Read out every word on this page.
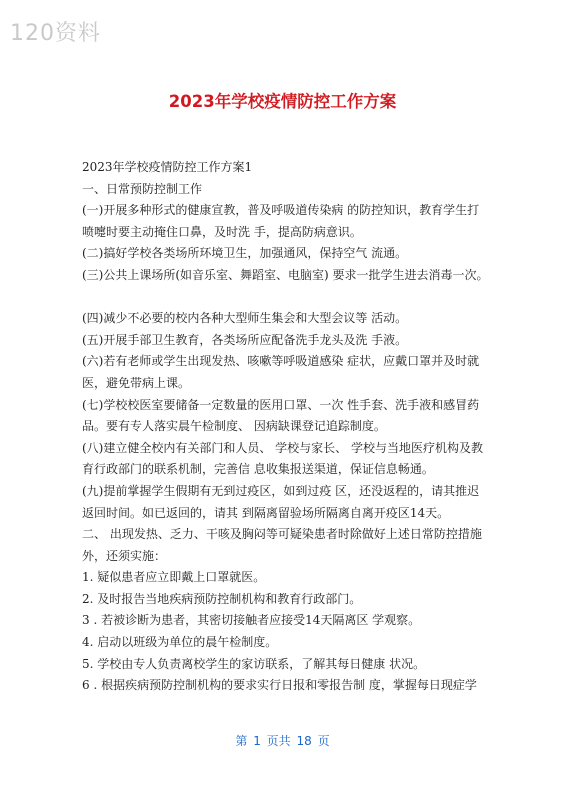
120资料
2023年学校疫情防控工作方案
2023年学校疫情防控工作方案1
一、日常预防控制工作
(一)开展多种形式的健康宣教，普及呼吸道传染病 的防控知识，教育学生打
喷嚏时要主动掩住口鼻，及时洗 手，提高防病意识。
(二)搞好学校各类场所环境卫生，加强通风，保持空气 流通。
(三)公共上课场所(如音乐室、舞蹈室、电脑室) 要求一批学生进去消毒一次。
(四)减少不必要的校内各种大型师生集会和大型会议等 活动。
(五)开展手部卫生教育，各类场所应配备洗手龙头及洗 手液。
(六)若有老师或学生出现发热、咳嗽等呼吸道感染 症状，应戴口罩并及时就
医，避免带病上课。
(七)学校校医室要储备一定数量的医用口罩、一次 性手套、洗手液和感冒药
品。要有专人落实晨午检制度、 因病缺课登记追踪制度。
(八)建立健全校内有关部门和人员、 学校与家长、 学校与当地医疗机构及教
育行政部门的联系机制，完善信 息收集报送渠道，保证信息畅通。
(九)提前掌握学生假期有无到过疫区，如到过疫 区，还没返程的，请其推迟
返回时间。如已返回的，请其 到隔离留验场所隔离自离开疫区14天。
二、 出现发热、乏力、干咳及胸闷等可疑染患者时除做好上述日常防控措施
外，还须实施：
1. 疑似患者应立即戴上口罩就医。
2. 及时报告当地疾病预防控制机构和教育行政部门。
3 . 若被诊断为患者，其密切接触者应接受14天隔离区 学观察。
4. 启动以班级为单位的晨午检制度。
5. 学校由专人负责离校学生的家访联系，了解其每日健康 状况。
6 . 根据疾病预防控制机构的要求实行日报和零报告制 度，掌握每日现症学
第 1 页共 18 页
